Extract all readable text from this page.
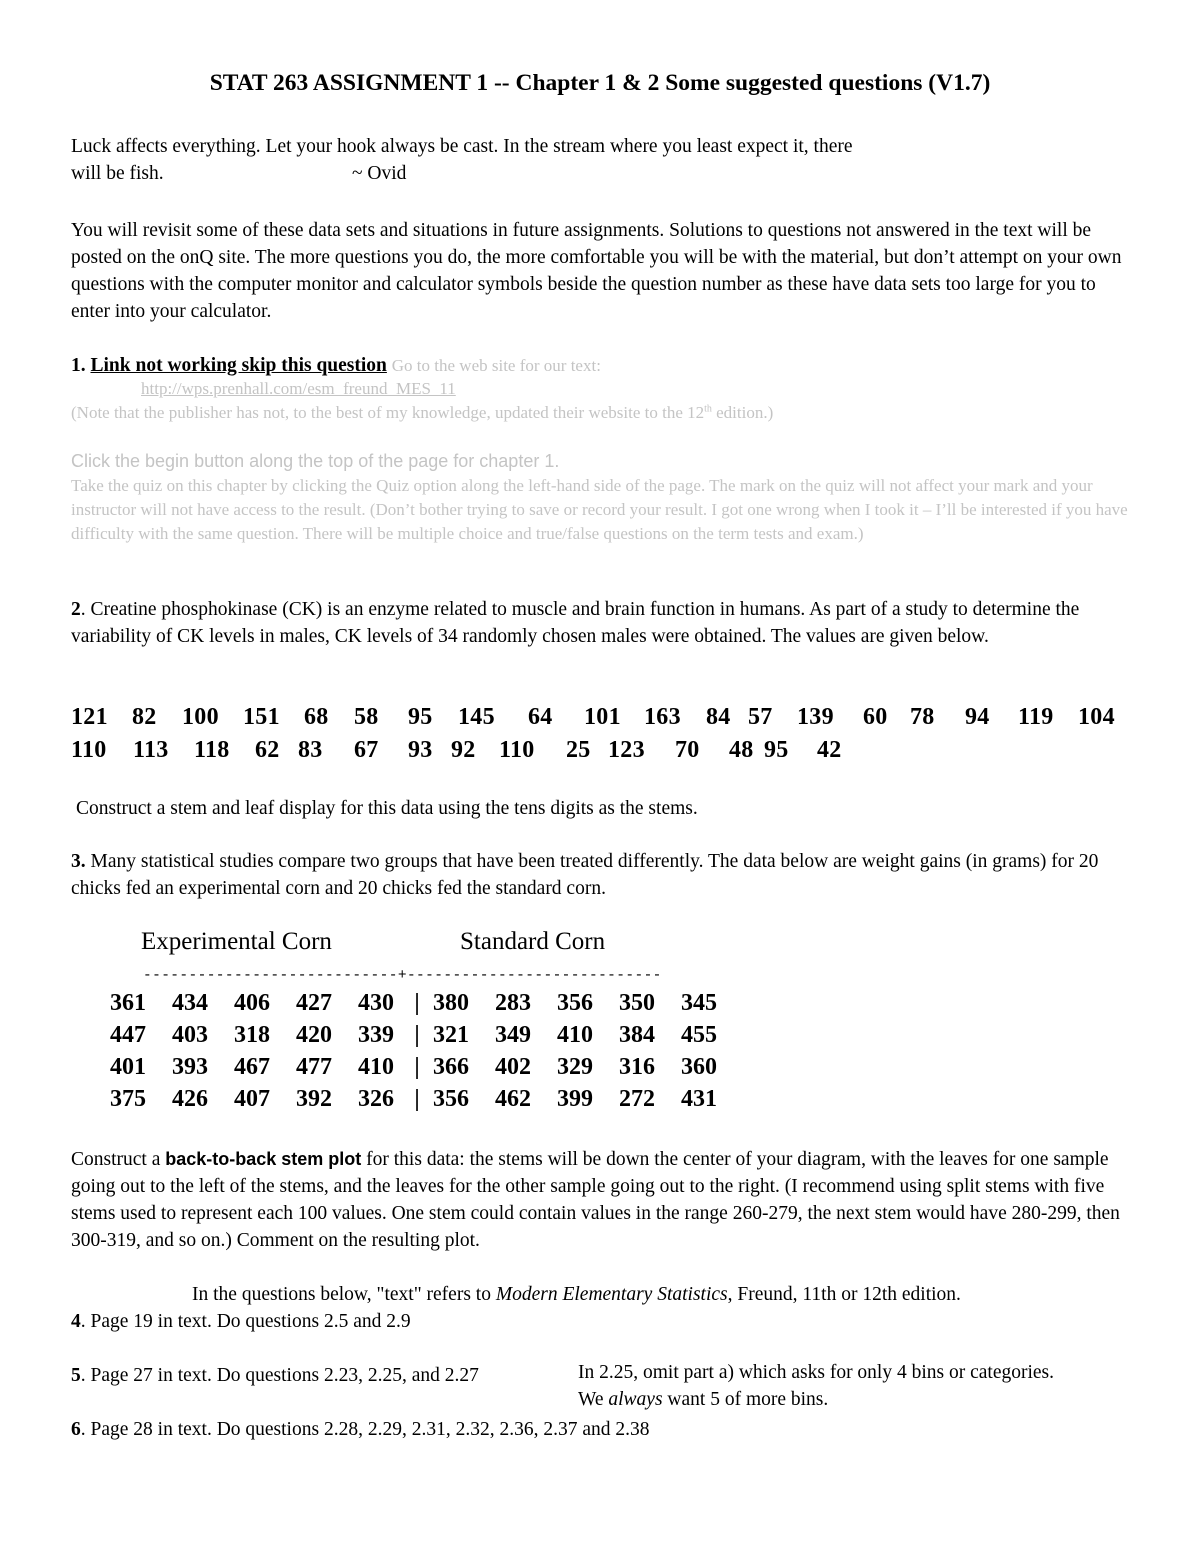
STAT 263 ASSIGNMENT 1 -- Chapter 1 & 2 Some suggested questions (V1.7)
Luck affects everything. Let your hook always be cast. In the stream where you least expect it, there
will be fish.	~ Ovid
You will revisit some of these data sets and situations in future assignments. Solutions to questions not answered in the text will be posted on the onQ site. The more questions you do, the more comfortable you will be with the material, but don’t attempt on your own questions with the computer monitor and calculator symbols beside the question number as these have data sets too large for you to enter into your calculator.
1. Link not working skip this question Go to the web site for our text:
http://wps.prenhall.com/esm_freund_MES_11
(Note that the publisher has not, to the best of my knowledge, updated their website to the 12th edition.)
Click the begin button along the top of the page for chapter 1.
Take the quiz on this chapter by clicking the Quiz option along the left-hand side of the page. The mark on the quiz will not affect your mark and your instructor will not have access to the result. (Don’t bother trying to save or record your result. I got one wrong when I took it – I’ll be interested if you have difficulty with the same question. There will be multiple choice and true/false questions on the term tests and exam.)
2. Creatine phosphokinase (CK) is an enzyme related to muscle and brain function in humans. As part of a study to determine the variability of CK levels in males, CK levels of 34 randomly chosen males were obtained. The values are given below.
121 82 100 151 68 58 95 145 64 101 163 84 57 139 60 78 94 119 104
110 113 118 62 83 67 93 92 110 25 123 70 48 95 42
Construct a stem and leaf display for this data using the tens digits as the stems.
3. Many statistical studies compare two groups that have been treated differently. The data below are weight gains (in grams) for 20 chicks fed an experimental corn and 20 chicks fed the standard corn.
Experimental Corn	Standard Corn
----------------------------+----------------------------
361 434 406 427 430 | 380 283 356 350 345
447 403 318 420 339 | 321 349 410 384 455
401 393 467 477 410 | 366 402 329 316 360
375 426 407 392 326 | 356 462 399 272 431
Construct a back-to-back stem plot for this data: the stems will be down the center of your diagram, with the leaves for one sample going out to the left of the stems, and the leaves for the other sample going out to the right. (I recommend using split stems with five stems used to represent each 100 values. One stem could contain values in the range 260-279, the next stem would have 280-299, then 300-319, and so on.) Comment on the resulting plot.
In the questions below, "text" refers to Modern Elementary Statistics, Freund, 11th or 12th edition.
4. Page 19 in text. Do questions 2.5 and 2.9
5. Page 27 in text. Do questions 2.23, 2.25, and 2.27	In 2.25, omit part a) which asks for only 4 bins or categories.
We always want 5 of more bins.
6. Page 28 in text. Do questions 2.28, 2.29, 2.31, 2.32, 2.36, 2.37 and 2.38
